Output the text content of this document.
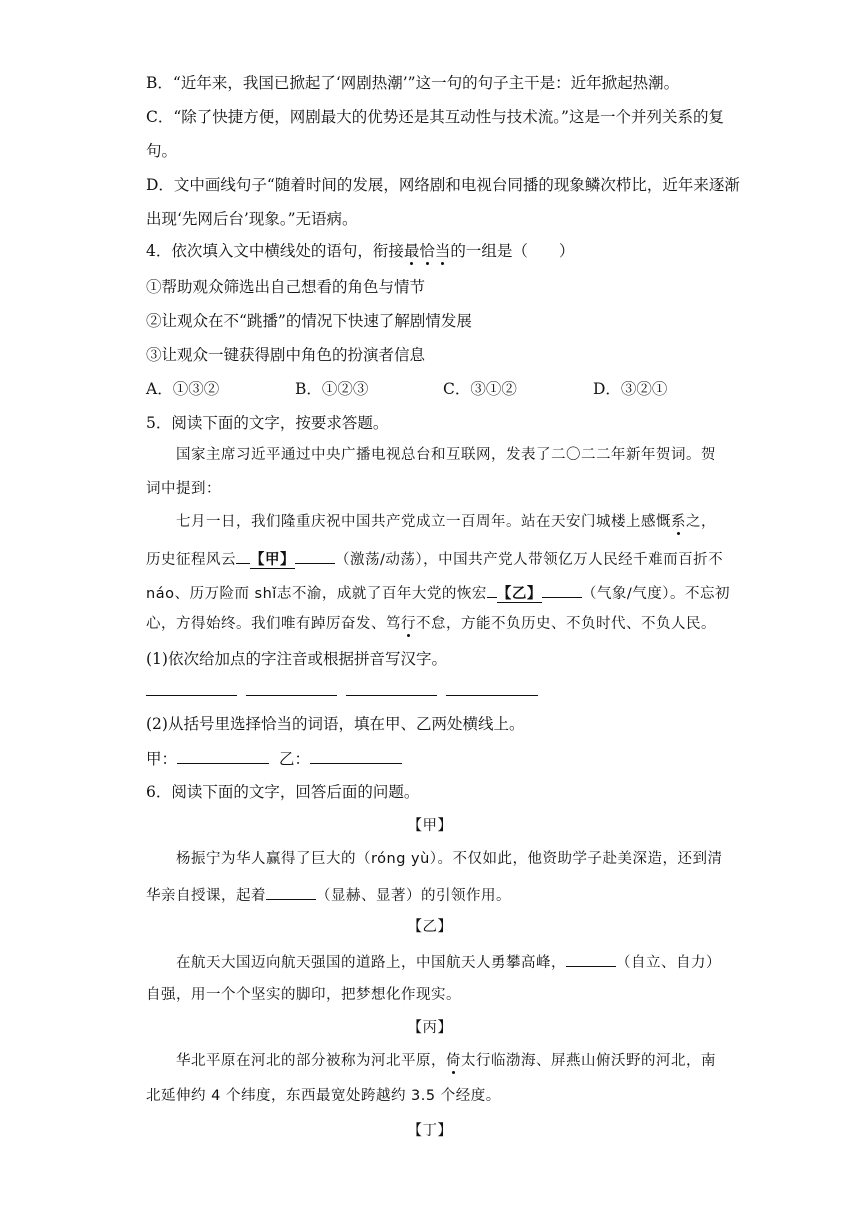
B．“近年来，我国已掀起了‘网剧热潮’”这一句的句子主干是：近年掀起热潮。
C．“除了快捷方便，网剧最大的优势还是其互动性与技术流。”这是一个并列关系的复
句。
D．文中画线句子“随着时间的发展，网络剧和电视台同播的现象鳞次栉比，近年来逐渐
出现‘先网后台’现象。”无语病。
4．依次填入文中横线处的语句，衔接最恰当的一组是（　　）
①帮助观众筛选出自己想看的角色与情节
②让观众在不“跳播”的情况下快速了解剧情发展
③让观众一键获得剧中角色的扮演者信息
A．①③②	B．①②③	C．③①②	D．③②①
5．阅读下面的文字，按要求答题。
国家主席习近平通过中央广播电视总台和互联网，发表了二〇二二年新年贺词。贺
词中提到：
七月一日，我们隆重庆祝中国共产党成立一百周年。站在天安门城楼上感慨系之，
历史征程风云 【甲】	（激荡/动荡），中国共产党人带领亿万人民经千难而百折不
náo、历万险而 shǐ志不渝，成就了百年大党的恢宏 【乙】	（气象/气度）。不忘初
心，方得始终。我们唯有踔厉奋发、笃行不怠，方能不负历史、不负时代、不负人民。
(1)依次给加点的字注音或根据拼音写汉字。
(2)从括号里选择恰当的词语，填在甲、乙两处横线上。
甲：	乙：
6．阅读下面的文字，回答后面的问题。
【甲】
杨振宁为华人赢得了巨大的（róng yù）。不仅如此，他资助学子赴美深造，还到清
华亲自授课，起着	（显赫、显著）的引领作用。
【乙】
在航天大国迈向航天强国的道路上，中国航天人勇攀高峰，	（自立、自力）
自强，用一个个坚实的脚印，把梦想化作现实。
【丙】
华北平原在河北的部分被称为河北平原，倚太行临渤海、屏燕山俯沃野的河北，南
北延伸约 4 个纬度，东西最宽处跨越约 3.5 个经度。
【丁】
